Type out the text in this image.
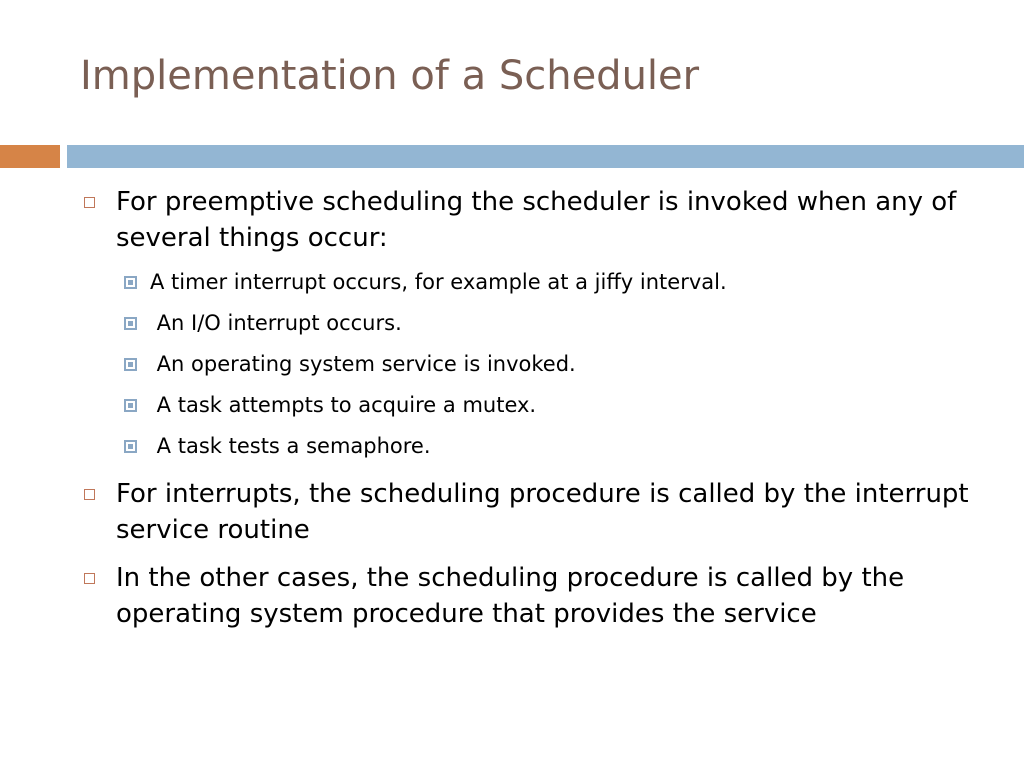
Implementation of a Scheduler
For preemptive scheduling the scheduler is invoked when any of several things occur:
A timer interrupt occurs, for example at a jiffy interval.
An I/O interrupt occurs.
An operating system service is invoked.
A task attempts to acquire a mutex.
A task tests a semaphore.
For interrupts, the scheduling procedure is called by the interrupt service routine
In the other cases, the scheduling procedure is called by the operating system procedure that provides the service
